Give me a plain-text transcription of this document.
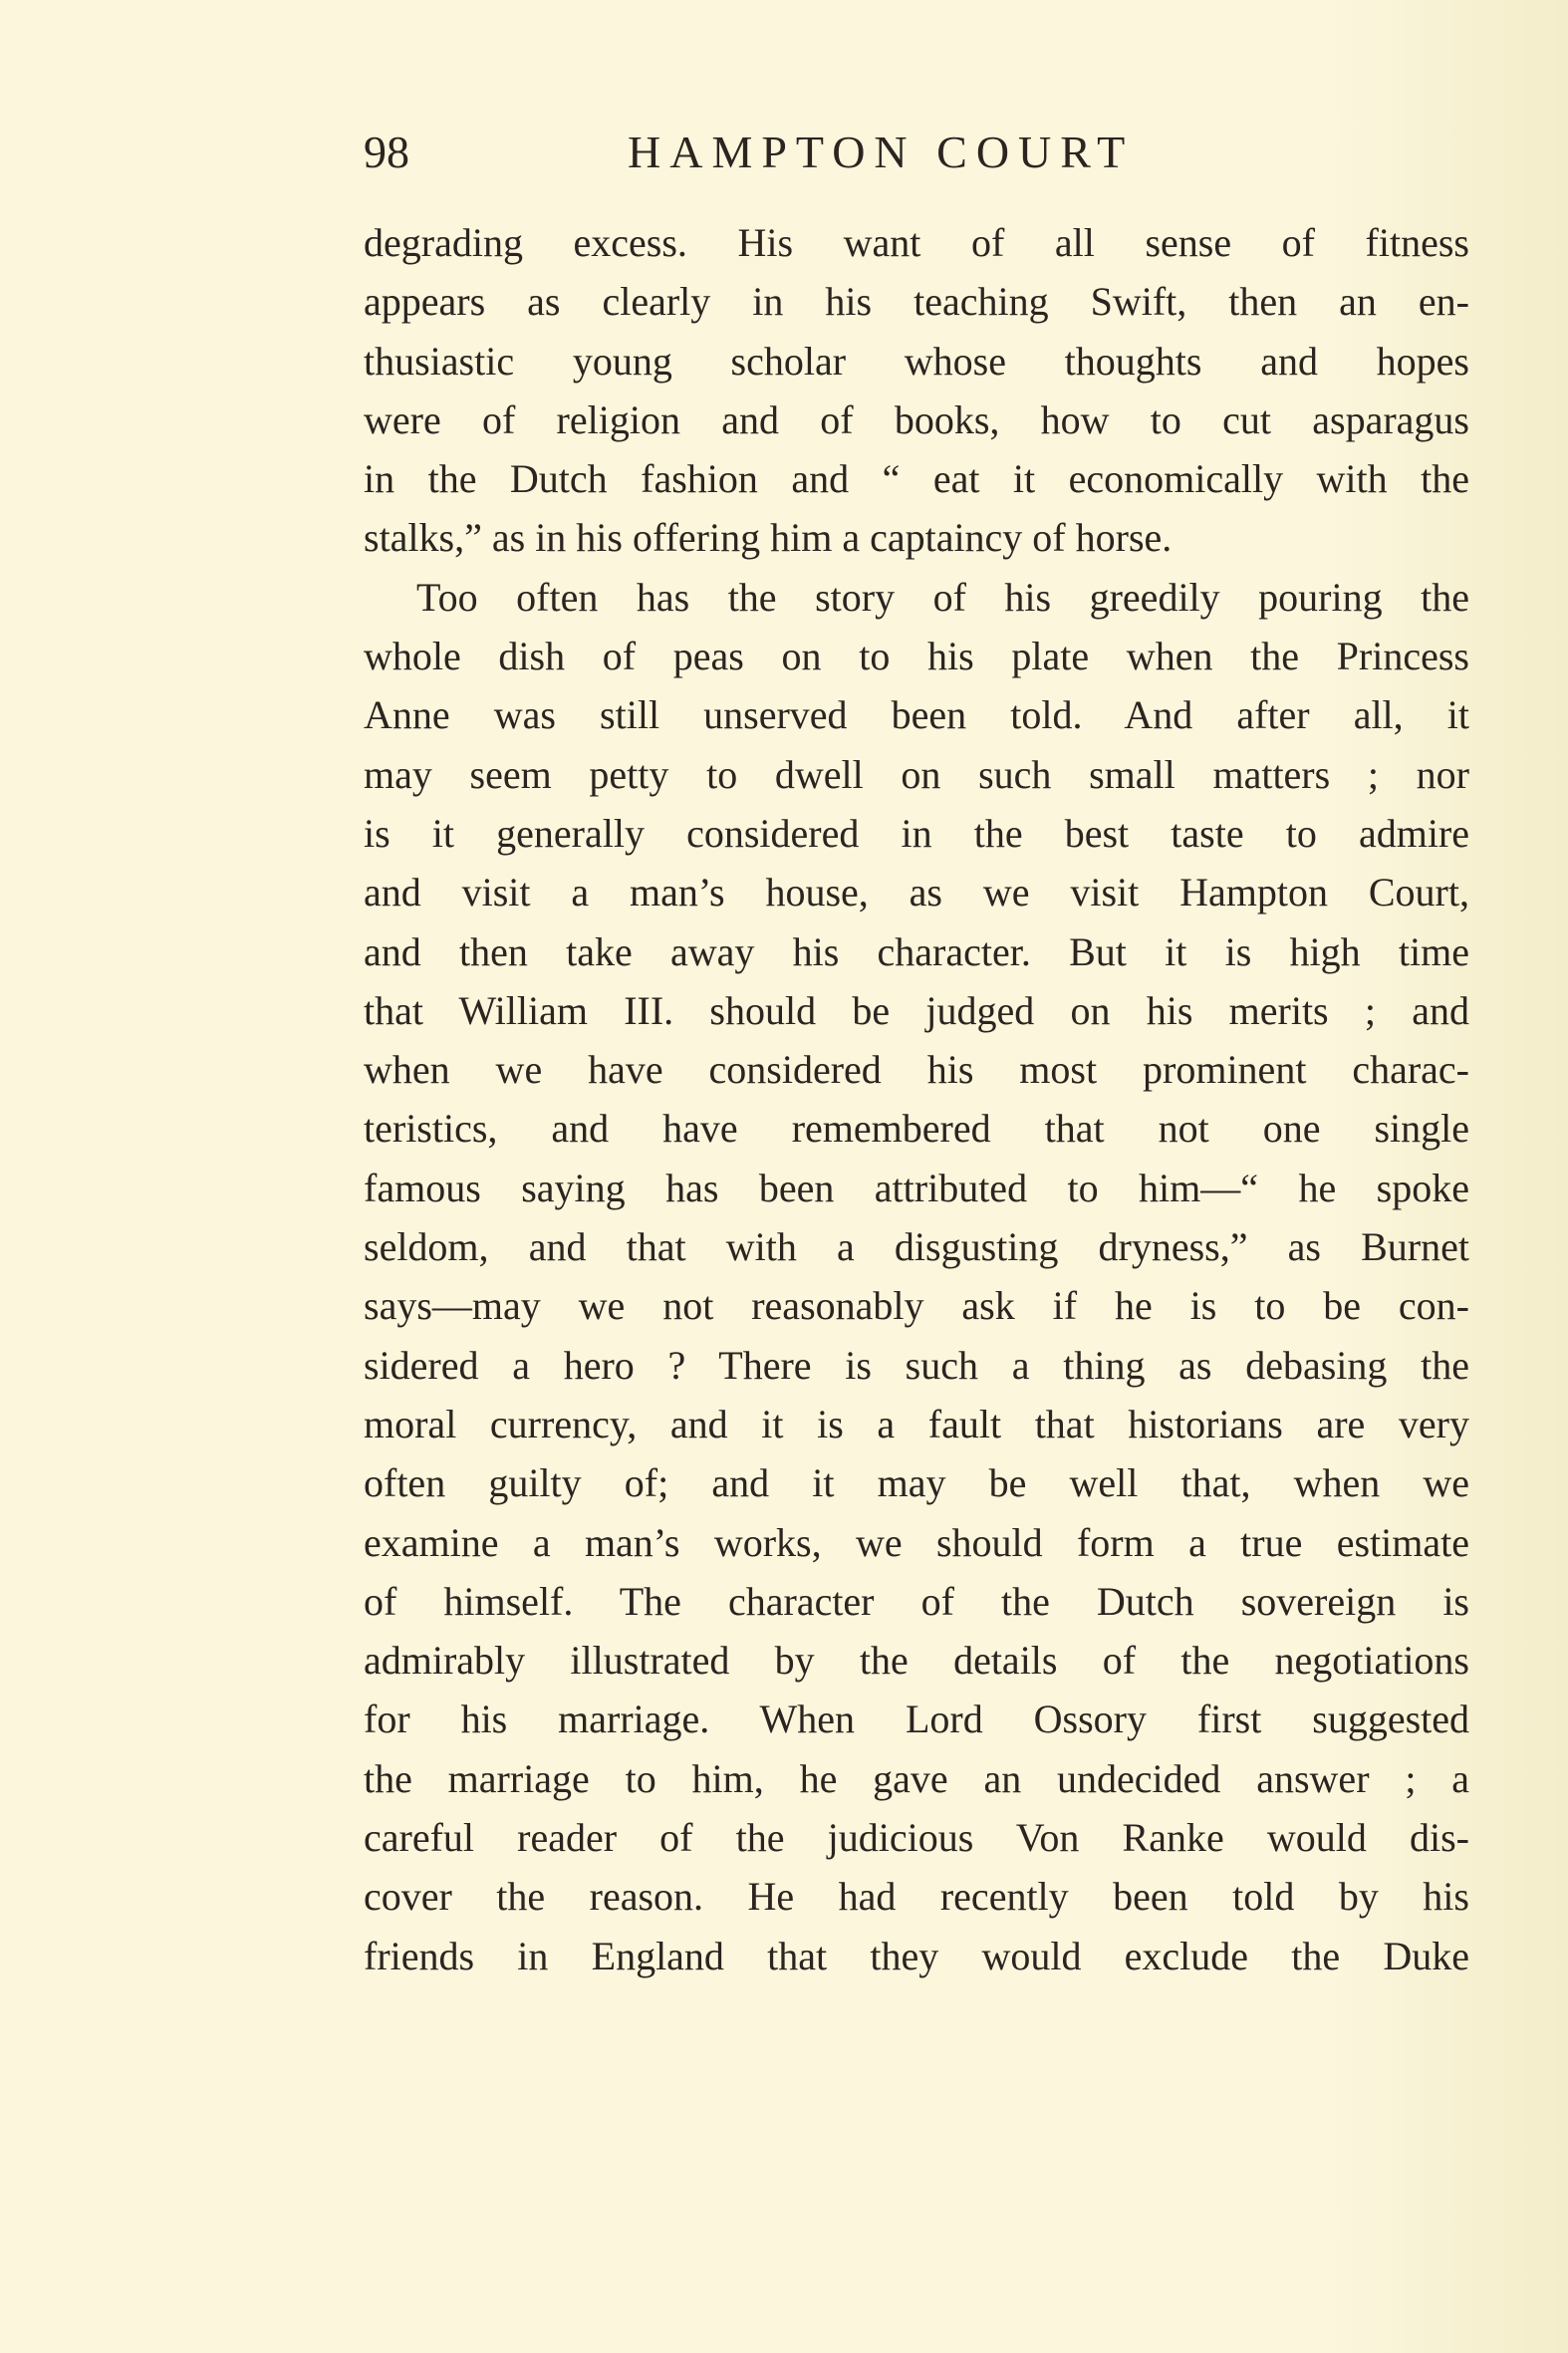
98	HAMPTON COURT
degrading excess. His want of all sense of fitness
appears as clearly in his teaching Swift, then an en-
thusiastic young scholar whose thoughts and hopes
were of religion and of books, how to cut asparagus
in the Dutch fashion and “ eat it economically with the
stalks,” as in his offering him a captaincy of horse.
Too often has the story of his greedily pouring the
whole dish of peas on to his plate when the Princess
Anne was still unserved been told. And after all, it
may seem petty to dwell on such small matters ; nor
is it generally considered in the best taste to admire
and visit a man’s house, as we visit Hampton Court,
and then take away his character. But it is high time
that William III. should be judged on his merits ; and
when we have considered his most prominent charac-
teristics, and have remembered that not one single
famous saying has been attributed to him—“ he spoke
seldom, and that with a disgusting dryness,” as Burnet
says—may we not reasonably ask if he is to be con-
sidered a hero ? There is such a thing as debasing the
moral currency, and it is a fault that historians are very
often guilty of; and it may be well that, when we
examine a man’s works, we should form a true estimate
of himself. The character of the Dutch sovereign is
admirably illustrated by the details of the negotiations
for his marriage. When Lord Ossory first suggested
the marriage to him, he gave an undecided answer ; a
careful reader of the judicious Von Ranke would dis-
cover the reason. He had recently been told by his
friends in England that they would exclude the Duke
